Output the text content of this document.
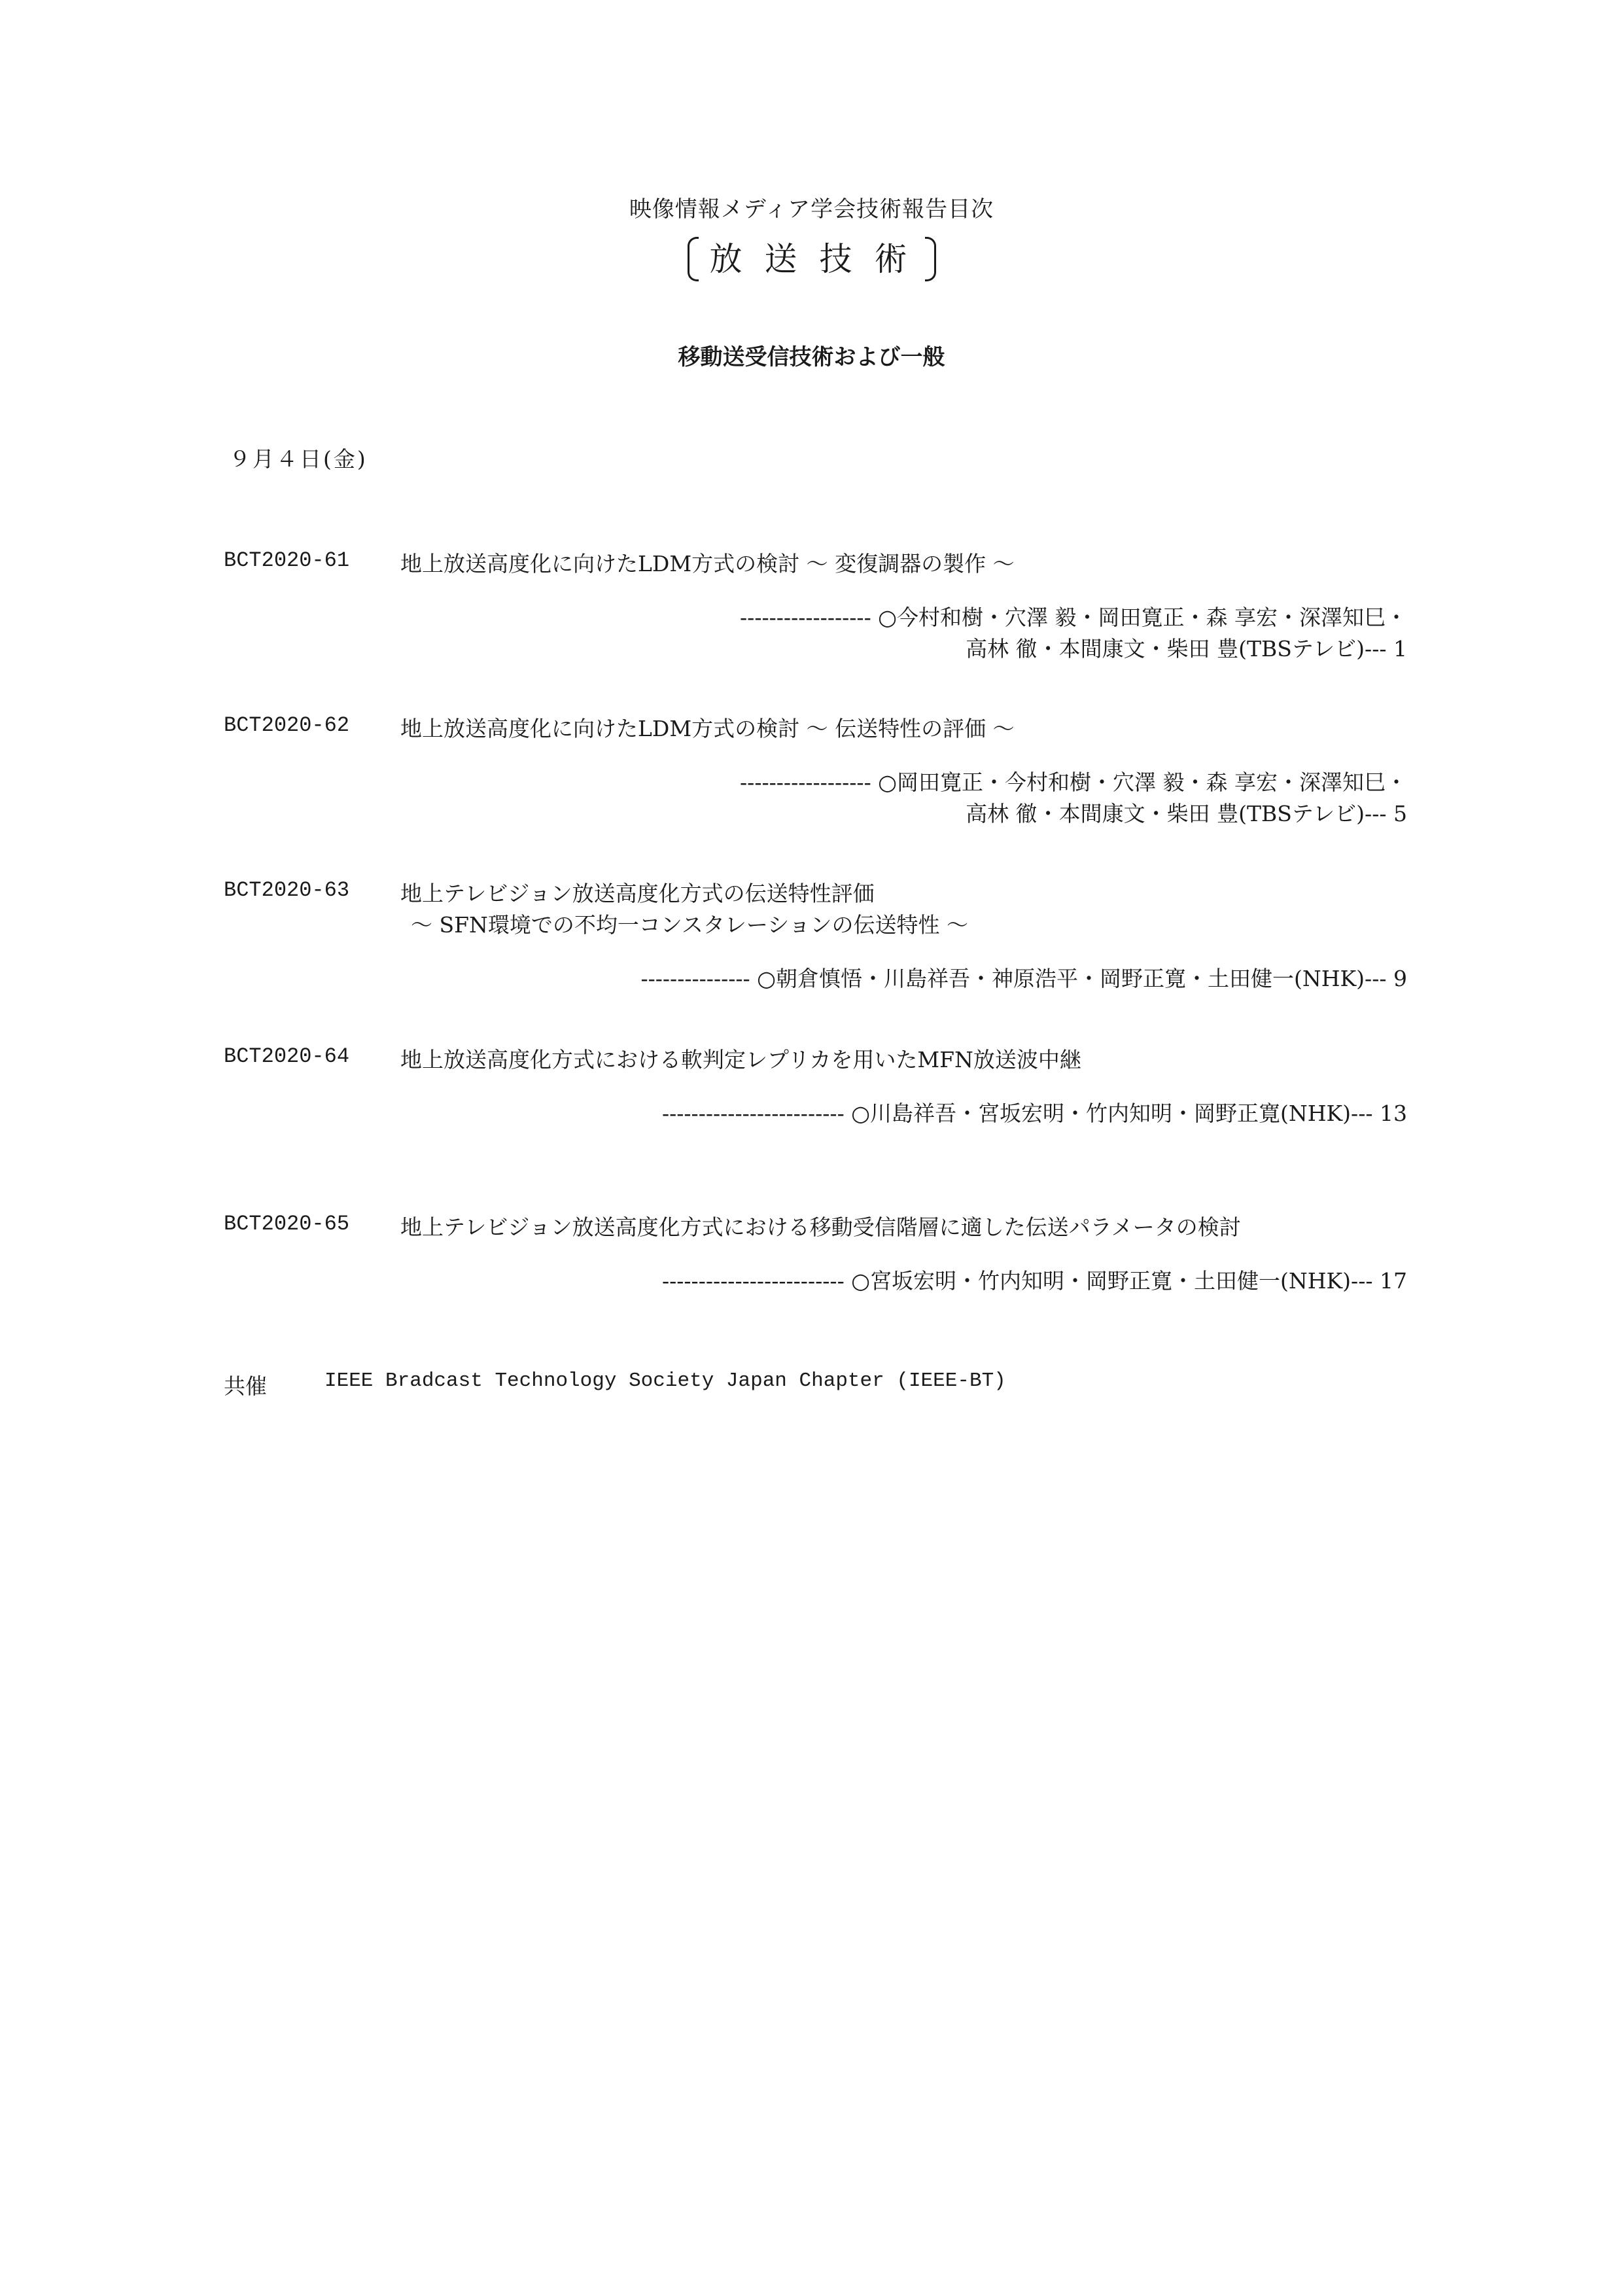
映像情報メディア学会技術報告目次
放送技術
移動送受信技術および一般
９月４日(金)
BCT2020-61 地上放送高度化に向けたLDM方式の検討 〜 変復調器の製作 〜
------------------ ○今村和樹・穴澤 毅・岡田寛正・森 享宏・深澤知巳・
高林 徹・本間康文・柴田 豊(TBSテレビ)--- 1
BCT2020-62 地上放送高度化に向けたLDM方式の検討 〜 伝送特性の評価 〜
------------------ ○岡田寛正・今村和樹・穴澤 毅・森 享宏・深澤知巳・
高林 徹・本間康文・柴田 豊(TBSテレビ)--- 5
BCT2020-63 地上テレビジョン放送高度化方式の伝送特性評価
〜 SFN環境での不均一コンスタレーションの伝送特性 〜
--------------- ○朝倉慎悟・川島祥吾・神原浩平・岡野正寛・土田健一(NHK)--- 9
BCT2020-64 地上放送高度化方式における軟判定レプリカを用いたMFN放送波中継
------------------------- ○川島祥吾・宮坂宏明・竹内知明・岡野正寛(NHK)--- 13
BCT2020-65 地上テレビジョン放送高度化方式における移動受信階層に適した伝送パラメータの検討
------------------------- ○宮坂宏明・竹内知明・岡野正寛・土田健一(NHK)--- 17
共催	IEEE Bradcast Technology Society Japan Chapter (IEEE-BT)
